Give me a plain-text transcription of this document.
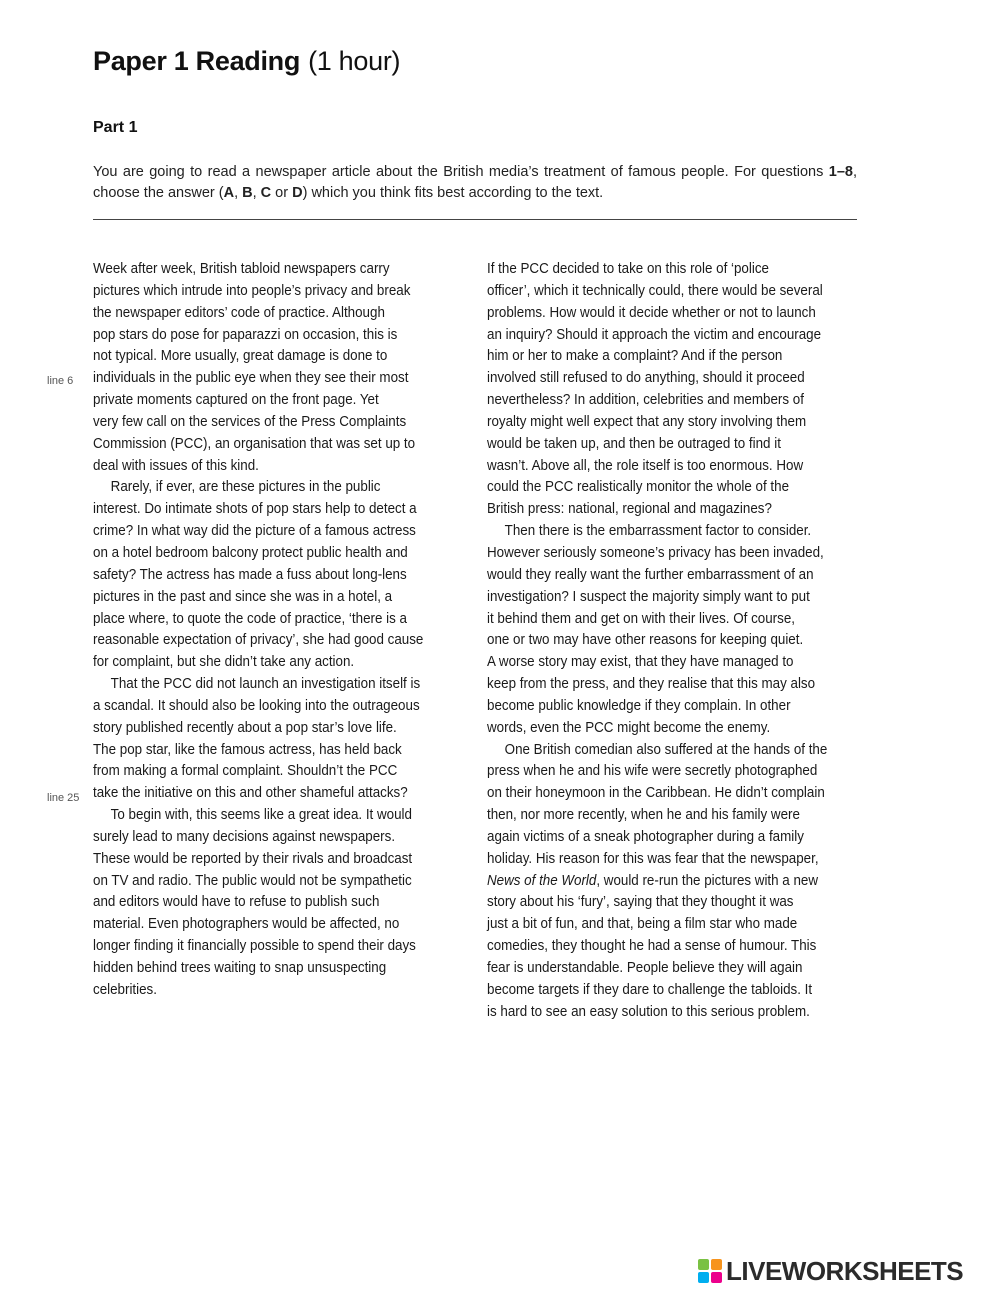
Paper 1 Reading (1 hour)
Part 1

You are going to read a newspaper article about the British media’s treatment of famous people. For questions 1–8, choose the answer (A, B, C or D) which you think fits best according to the text.

Week after week, British tabloid newspapers carry
pictures which intrude into people’s privacy and break
the newspaper editors’ code of practice. Although
pop stars do pose for paparazzi on occasion, this is
not typical. More usually, great damage is done to
individuals in the public eye when they see their most
private moments captured on the front page. Yet
very few call on the services of the Press Complaints
Commission (PCC), an organisation that was set up to
deal with issues of this kind.

Rarely, if ever, are these pictures in the public
interest. Do intimate shots of pop stars help to detect a
crime? In what way did the picture of a famous actress
on a hotel bedroom balcony protect public health and
safety? The actress has made a fuss about long-lens
pictures in the past and since she was in a hotel, a
place where, to quote the code of practice, ‘there is a
reasonable expectation of privacy’, she had good cause
for complaint, but she didn’t take any action.

That the PCC did not launch an investigation itself is
a scandal. It should also be looking into the outrageous
story published recently about a pop star’s love life.
The pop star, like the famous actress, has held back
from making a formal complaint. Shouldn’t the PCC
take the initiative on this and other shameful attacks?

To begin with, this seems like a great idea. It would
surely lead to many decisions against newspapers.
These would be reported by their rivals and broadcast
on TV and radio. The public would not be sympathetic
and editors would have to refuse to publish such
material. Even photographers would be affected, no
longer finding it financially possible to spend their days
hidden behind trees waiting to snap unsuspecting
celebrities.

If the PCC decided to take on this role of ‘police
officer’, which it technically could, there would be several
problems. How would it decide whether or not to launch
an inquiry? Should it approach the victim and encourage
him or her to make a complaint? And if the person
involved still refused to do anything, should it proceed
nevertheless? In addition, celebrities and members of
royalty might well expect that any story involving them
would be taken up, and then be outraged to find it
wasn’t. Above all, the role itself is too enormous. How
could the PCC realistically monitor the whole of the
British press: national, regional and magazines?

Then there is the embarrassment factor to consider.
However seriously someone’s privacy has been invaded,
would they really want the further embarrassment of an
investigation? I suspect the majority simply want to put
it behind them and get on with their lives. Of course,
one or two may have other reasons for keeping quiet.
A worse story may exist, that they have managed to
keep from the press, and they realise that this may also
become public knowledge if they complain. In other
words, even the PCC might become the enemy.

One British comedian also suffered at the hands of the
press when he and his wife were secretly photographed
on their honeymoon in the Caribbean. He didn’t complain
then, nor more recently, when he and his family were
again victims of a sneak photographer during a family
holiday. His reason for this was fear that the newspaper,
News of the World, would re-run the pictures with a new
story about his ‘fury’, saying that they thought it was
just a bit of fun, and that, being a film star who made
comedies, they thought he had a sense of humour. This
fear is understandable. People believe they will again
become targets if they dare to challenge the tabloids. It
is hard to see an easy solution to this serious problem.

line 6
line 25
LIVEWORKSHEETS
